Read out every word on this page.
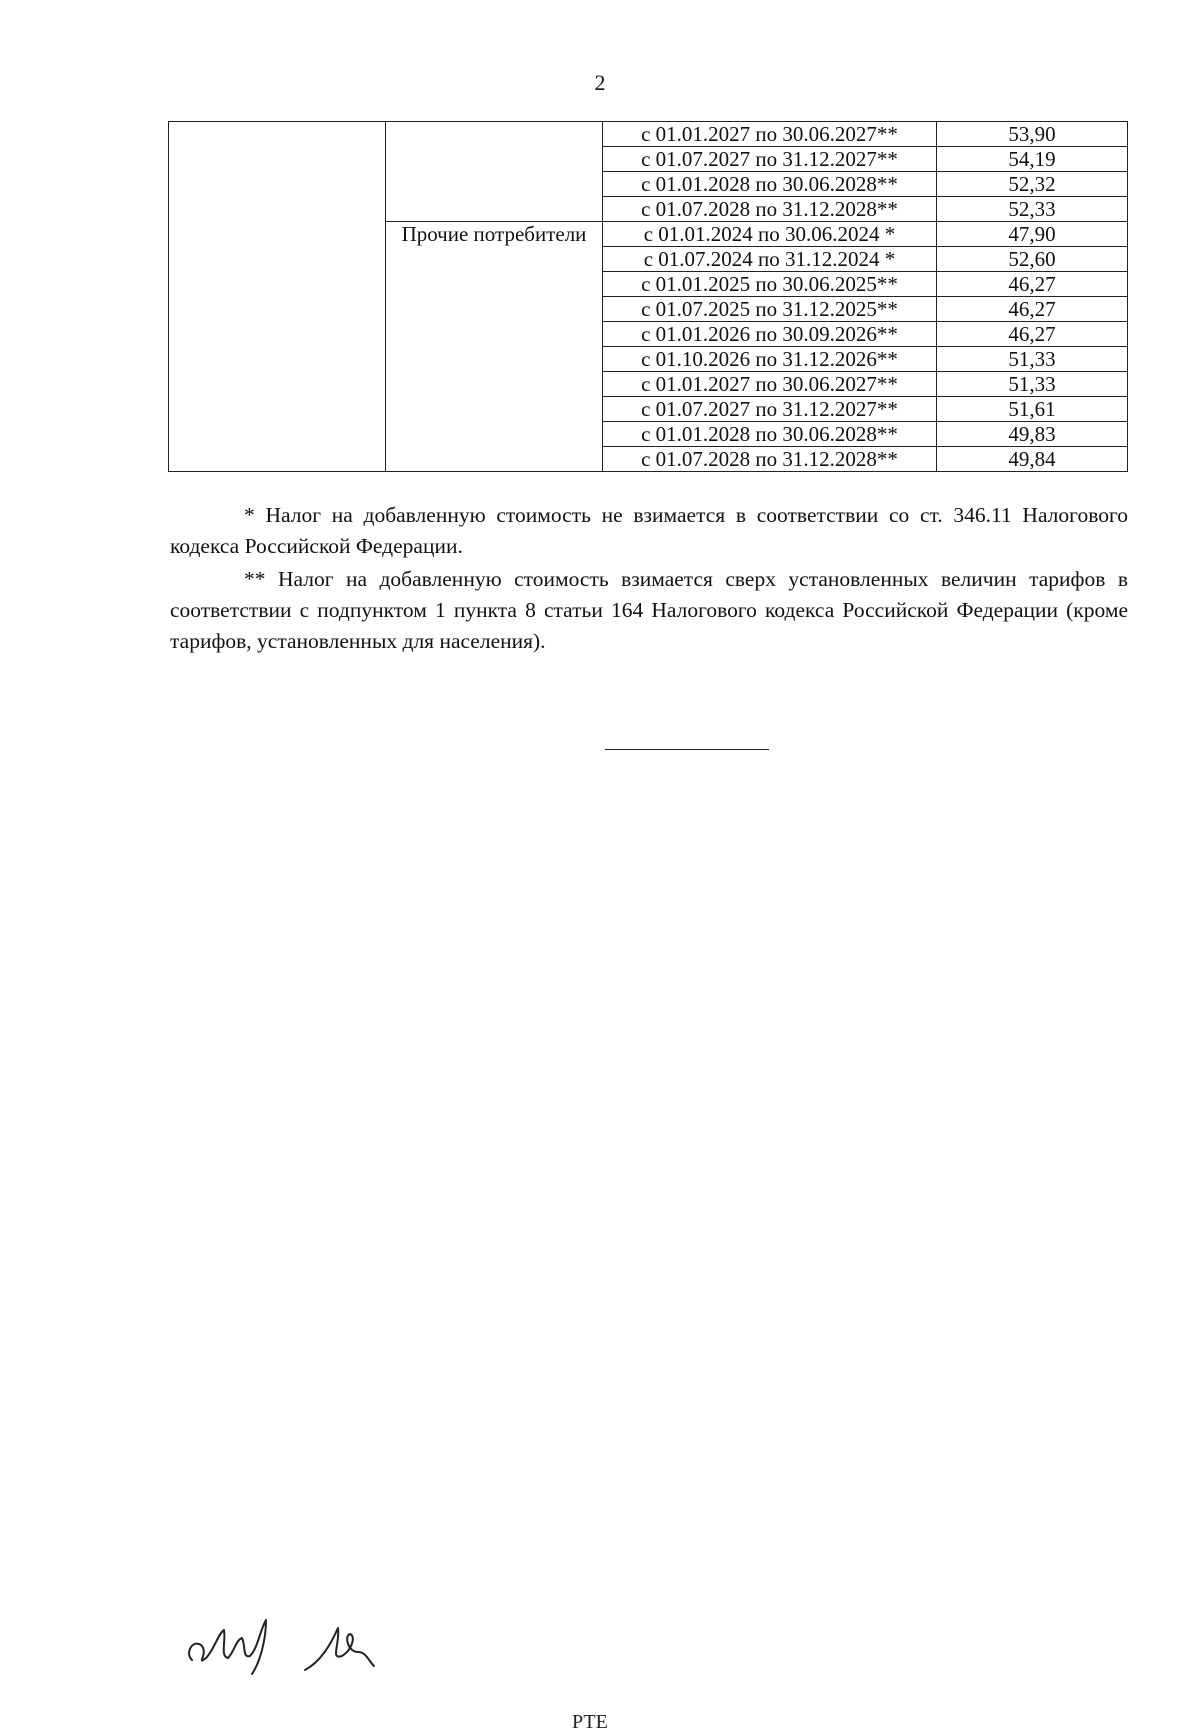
2
		с 01.01.2027 по 30.06.2027**	53,90
		с 01.07.2027 по 31.12.2027**	54,19
		с 01.01.2028 по 30.06.2028**	52,32
		с 01.07.2028 по 31.12.2028**	52,33

	Прочие потребители	с 01.01.2024 по 30.06.2024 *	47,90
		с 01.07.2024 по 31.12.2024 *	52,60
		с 01.01.2025 по 30.06.2025**	46,27
		с 01.07.2025 по 31.12.2025**	46,27
		с 01.01.2026 по 30.09.2026**	46,27
		с 01.10.2026 по 31.12.2026**	51,33
		с 01.01.2027 по 30.06.2027**	51,33
		с 01.07.2027 по 31.12.2027**	51,61
		с 01.01.2028 по 30.06.2028**	49,83
		с 01.07.2028 по 31.12.2028**	49,84

* Налог на добавленную стоимость не взимается в соответствии со ст. 346.11 Налогового кодекса Российской Федерации.

** Налог на добавленную стоимость взимается сверх установленных величин тарифов в соответствии с подпунктом 1 пункта 8 статьи 164 Налогового кодекса Российской Федерации (кроме тарифов, установленных для населения).

РТЕ
